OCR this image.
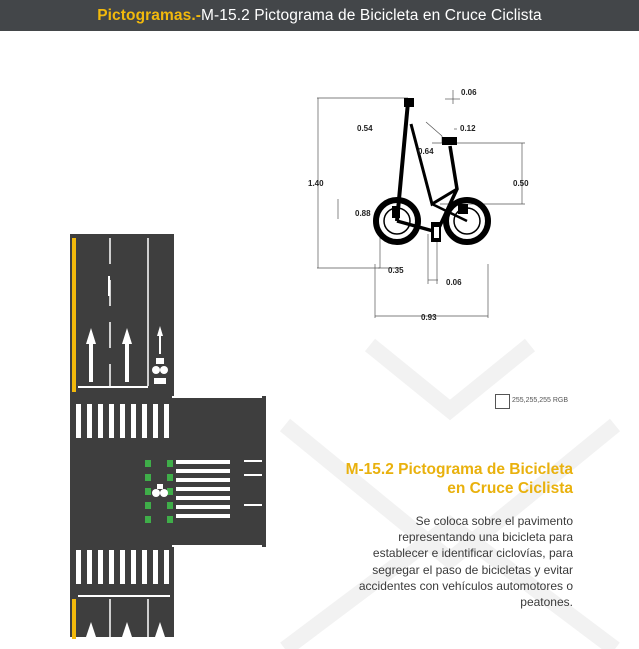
Pictogramas.- M-15.2 Pictograma de Bicicleta en Cruce Ciclista
0.06
0.54	0.12
0.64
1.40	0.50
0.88
0.35
0.06
0.93
255,255,255 RGB
M-15.2 Pictograma de Bicicleta
en Cruce Ciclista
Se coloca sobre el pavimento
representando una bicicleta para
establecer e identificar ciclovías, para
segregar el paso de bicicletas y evitar
accidentes con vehículos automotores o
peatones.
